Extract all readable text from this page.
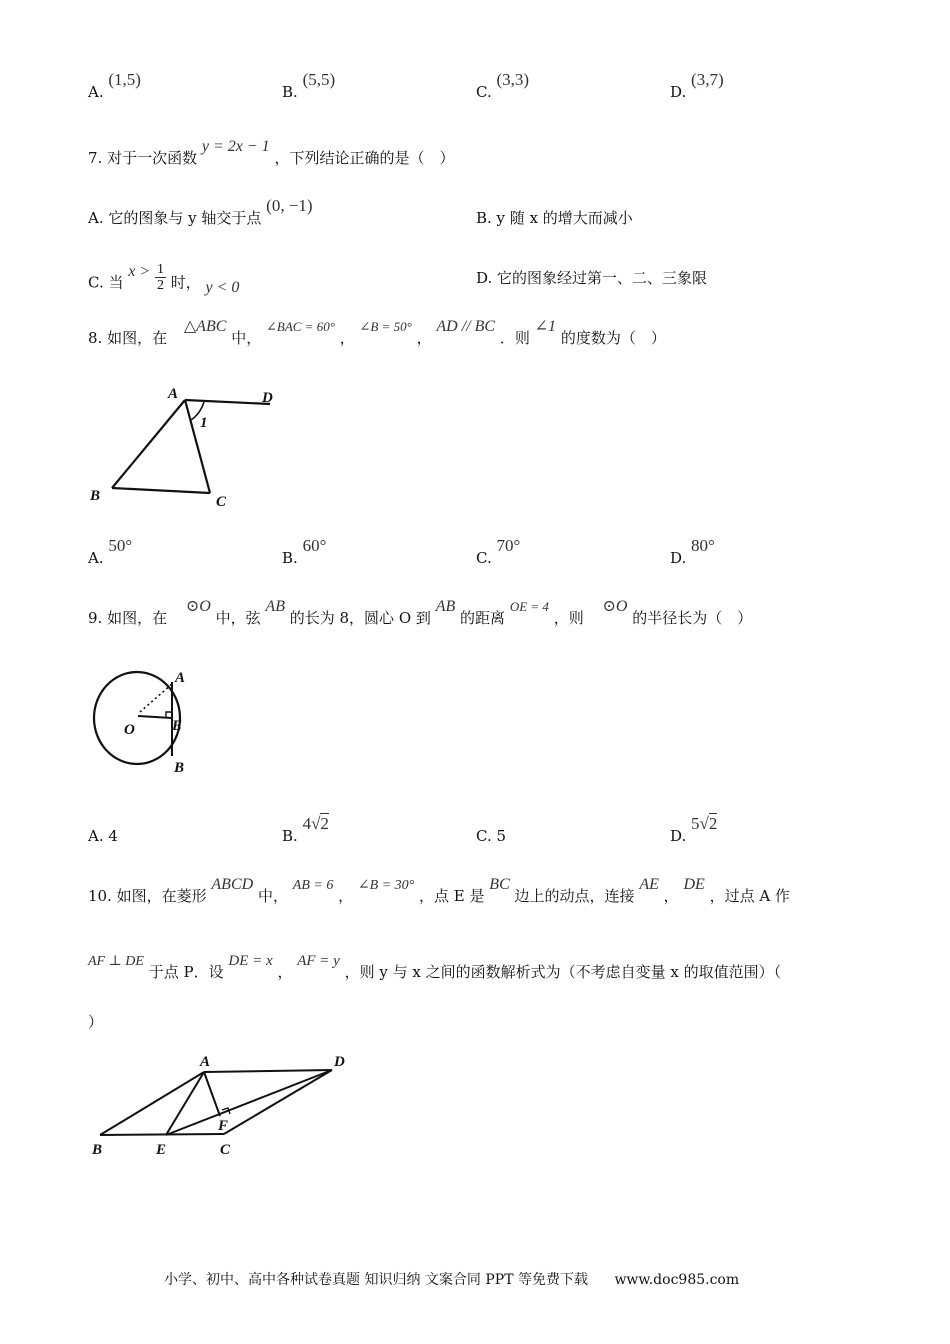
A. (1,5)
B. (5,5)
C. (3,3)
D. (3,7)
7. 对于一次函数 y = 2x − 1 ，下列结论正确的是（　）
A. 它的图象与 y 轴交于点 (0, −1)
B. y 随 x 的增大而减小
C. 当 $x > \frac{1}{2}$ 时， y < 0	D. 它的图象经过第一、二、三象限
8. 如图，在 △ABC 中， ∠BAC = 60° ， ∠B = 50° ， AD // BC ．则 ∠1 的度数为（　）
A	D
1
B	C
A. 50°
B. 60°
C. 70°
D. 80°
9. 如图，在 ⊙O 中，弦 AB 的长为 8，圆心 O 到 AB 的距离 OE = 4 ，则 ⊙O 的半径长为（　）
A
O E
B
A. 4	B. 4√2
C. 5	D. 5√2
10. 如图，在菱形 ABCD 中， AB = 6 ， ∠B = 30° ，点 E 是 BC 边上的动点，连接 AE ， DE ，过点 A 作
AF ⊥ DE 于点 P．设 DE = x ， AF = y ，则 y 与 x 之间的函数解析式为（不考虑自变量 x 的取值范围）（
）
A	D
F
B	E	C
小学、初中、高中各种试卷真题 知识归纳 文案合同 PPT 等免费下载 www.doc985.com
